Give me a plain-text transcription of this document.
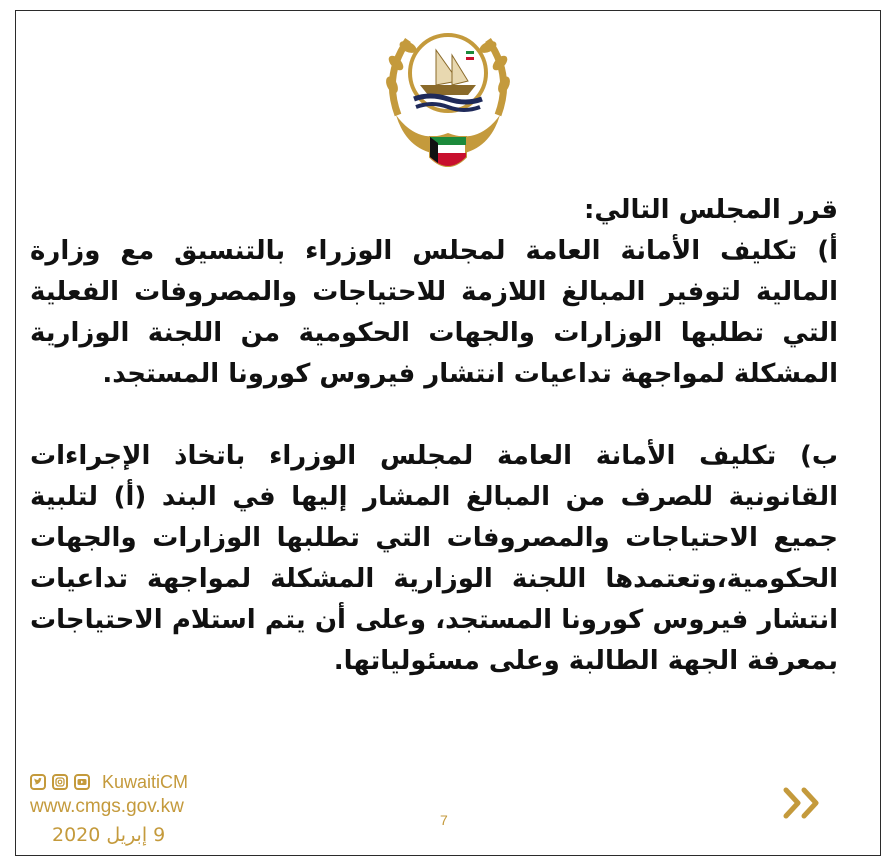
قرر المجلس التالي:

أ) تكليف الأمانة العامة لمجلس الوزراء بالتنسيق مع وزارة المالية لتوفير المبالغ اللازمة للاحتياجات والمصروفات الفعلية التي تطلبها الوزارات والجهات الحكومية من اللجنة الوزارية المشكلة لمواجهة تداعيات انتشار فيروس كورونا المستجد.

ب) تكليف الأمانة العامة لمجلس الوزراء باتخاذ الإجراءات القانونية للصرف من المبالغ المشار إليها في البند (أ) لتلبية جميع الاحتياجات والمصروفات التي تطلبها الوزارات والجهات الحكومية،وتعتمدها اللجنة الوزارية المشكلة لمواجهة تداعيات انتشار فيروس كورونا المستجد، وعلى أن يتم استلام الاحتياجات بمعرفة الجهة الطالبة وعلى مسئولياتها.

KuwaitiCM
www.cmgs.gov.kw
9 إبريل 2020
7
